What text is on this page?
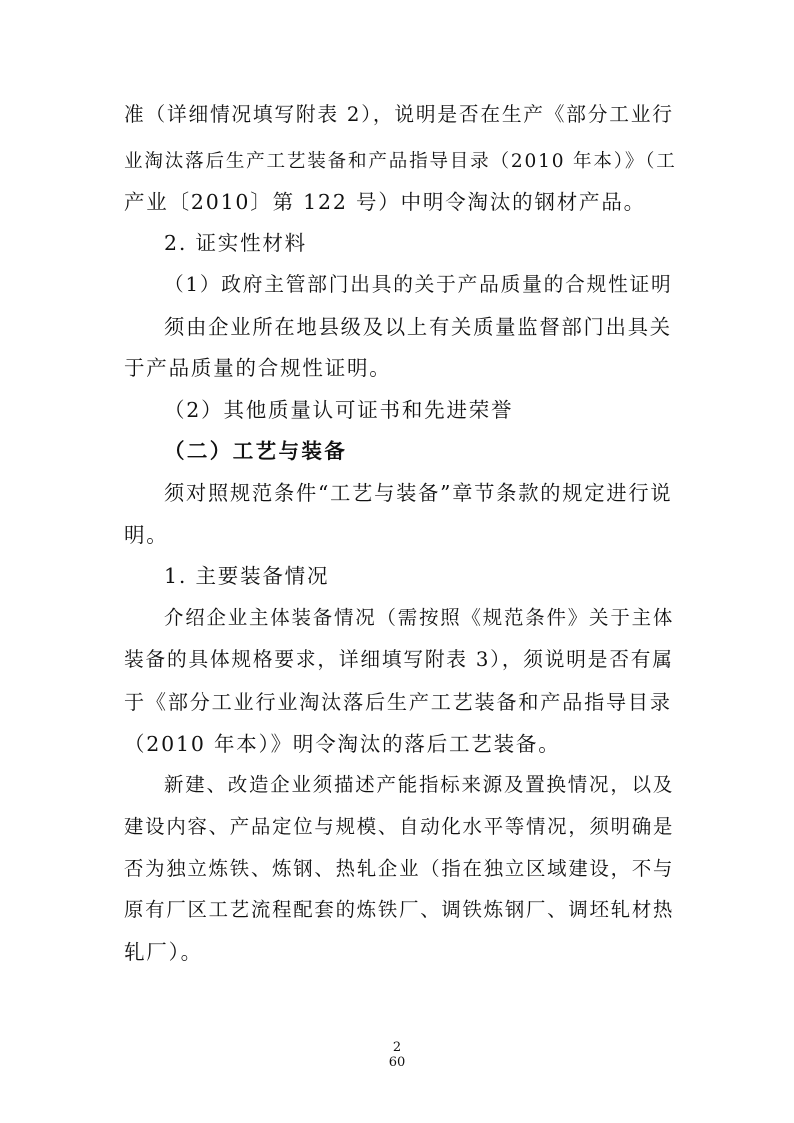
准（详细情况填写附表 2），说明是否在生产《部分工业行
业淘汰落后生产工艺装备和产品指导目录（2010 年本）》（工
产业〔2010〕第 122 号）中明令淘汰的钢材产品。
2. 证实性材料
（1）政府主管部门出具的关于产品质量的合规性证明
须由企业所在地县级及以上有关质量监督部门出具关
于产品质量的合规性证明。
（2）其他质量认可证书和先进荣誉
（二）工艺与装备
须对照规范条件“工艺与装备”章节条款的规定进行说
明。
1. 主要装备情况
介绍企业主体装备情况（需按照《规范条件》关于主体
装备的具体规格要求，详细填写附表 3），须说明是否有属
于《部分工业行业淘汰落后生产工艺装备和产品指导目录
（2010 年本）》明令淘汰的落后工艺装备。
新建、改造企业须描述产能指标来源及置换情况，以及
建设内容、产品定位与规模、自动化水平等情况，须明确是
否为独立炼铁、炼钢、热轧企业（指在独立区域建设，不与
原有厂区工艺流程配套的炼铁厂、调铁炼钢厂、调坯轧材热
轧厂）。
2
60
